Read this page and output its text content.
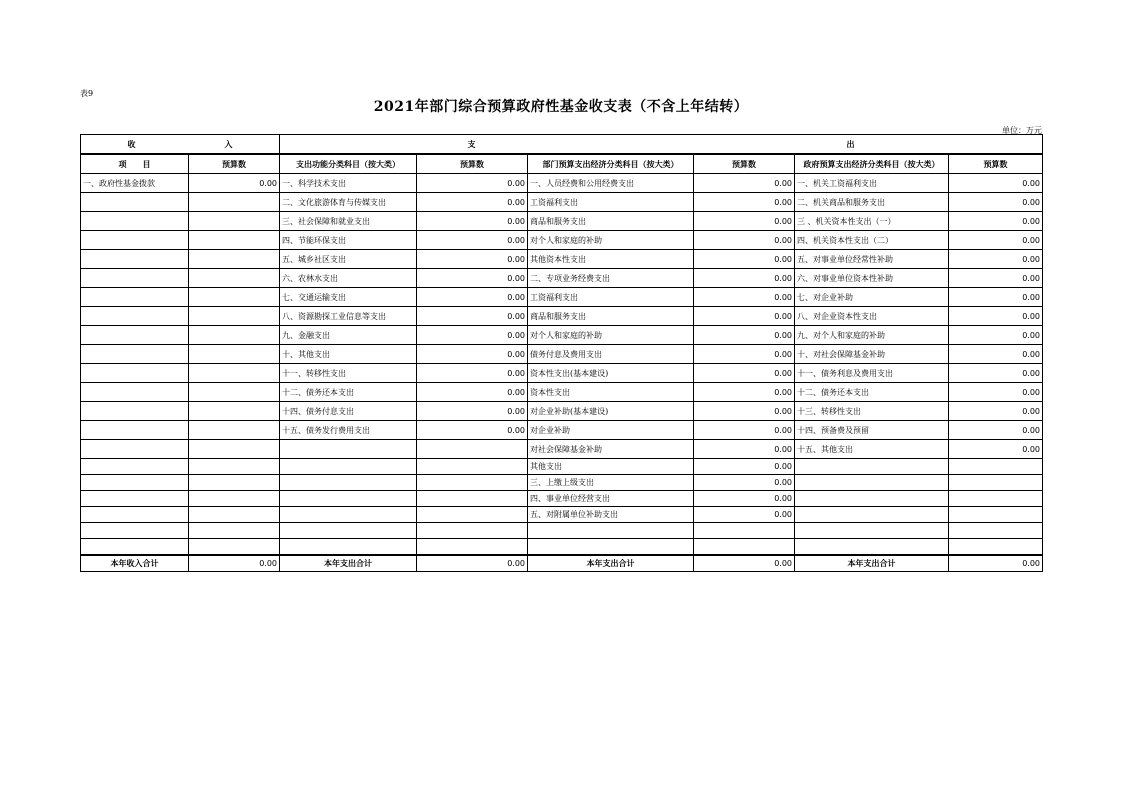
表9
2021年部门综合预算政府性基金收支表（不含上年结转）
单位：万元
收 入		支 出					

项　　目	预算数	支出功能分类科目（按大类）	预算数	部门预算支出经济分类科目（按大类）	预算数	政府预算支出经济分类科目（按大类）	预算数
一、政府性基金拨款	0.00	一、科学技术支出	0.00	一、人员经费和公用经费支出	0.00	一、机关工资福利支出	0.00
		二、文化旅游体育与传媒支出	0.00	工资福利支出	0.00	二、机关商品和服务支出	0.00
		三、社会保障和就业支出	0.00	商品和服务支出	0.00	三 、机关资本性支出（一）	0.00
		四、节能环保支出	0.00	对个人和家庭的补助	0.00	四、机关资本性支出（二）	0.00
		五、城乡社区支出	0.00	其他资本性支出	0.00	五、对事业单位经常性补助	0.00
		六、农林水支出	0.00	二、专项业务经费支出	0.00	六、对事业单位资本性补助	0.00
		七、交通运输支出	0.00	工资福利支出	0.00	七、对企业补助	0.00
		八、资源勘探工业信息等支出	0.00	商品和服务支出	0.00	八、对企业资本性支出	0.00
		九、金融支出	0.00	对个人和家庭的补助	0.00	九、对个人和家庭的补助	0.00
		十、其他支出	0.00	债务付息及费用支出	0.00	十、对社会保障基金补助	0.00
		十一、转移性支出	0.00	资本性支出(基本建设)	0.00	十一、债务利息及费用支出	0.00
		十二、债务还本支出	0.00	资本性支出	0.00	十二、债务还本支出	0.00
		十四、债务付息支出	0.00	对企业补助(基本建设)	0.00	十三、转移性支出	0.00
		十五、债务发行费用支出	0.00	对企业补助	0.00	十四、预备费及预留	0.00
				对社会保障基金补助	0.00	十五、其他支出	0.00
				其他支出	0.00		
				三、上缴上级支出	0.00		
				四、事业单位经营支出	0.00		
				五、对附属单位补助支出	0.00		

本年收入合计	0.00	本年支出合计	0.00	本年支出合计	0.00	本年支出合计	0.00
